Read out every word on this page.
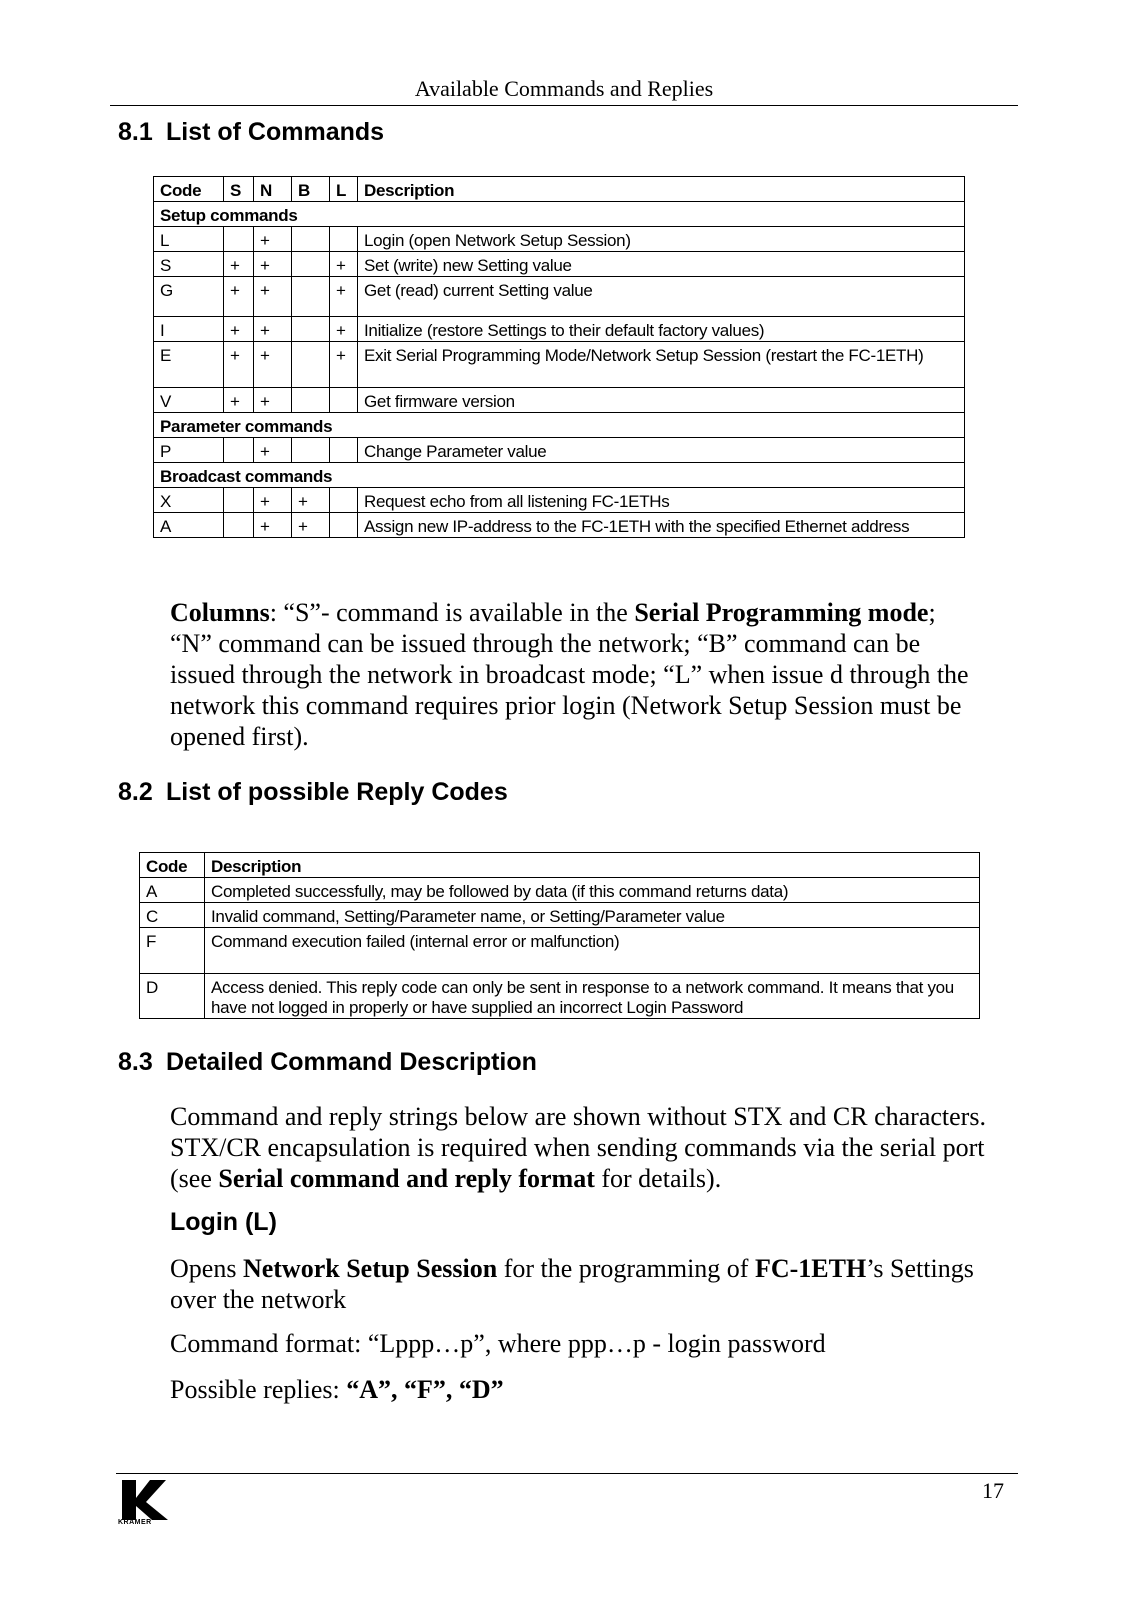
Available Commands and Replies
8.1 List of Commands
Code	S	N	B	L	Description
Setup commands					
L		+			Login (open Network Setup Session)
S	+	+		+	Set (write) new Setting value
G	+	+		+	Get (read) current Setting value
I	+	+		+	Initialize (restore Settings to their default factory values)
E	+	+		+	Exit Serial Programming Mode/Network Setup Session (restart the FC-1ETH)
V	+	+			Get firmware version
Parameter commands					
P		+			Change Parameter value
Broadcast commands					
X		+	+		Request echo from all listening FC-1ETHs
A		+	+		Assign new IP-address to the FC-1ETH with the specified Ethernet address

Columns: “S”- command is available in the Serial Programming mode; “N” command can be issued through the network; “B” command can be issued through the network in broadcast mode; “L” when issue d through the network this command requires prior login (Network Setup Session must be opened first).

8.2 List of possible Reply Codes
Code	Description
A	Completed successfully, may be followed by data (if this command returns data)
C	Invalid command, Setting/Parameter name, or Setting/Parameter value
F	Command execution failed (internal error or malfunction)
D	Access denied. This reply code can only be sent in response to a network command. It means that you have not logged in properly or have supplied an incorrect Login Password
8.3 Detailed Command Description

Command and reply strings below are shown without STX and CR characters. STX/CR encapsulation is required when sending commands via the serial port (see Serial command and reply format for details).

Login (L)

Opens Network Setup Session for the programming of FC-1ETH’s Settings over the network

Command format: “Lppp…p”, where ppp…p - login password

Possible replies: “A”, “F”, “D”

KRAMER
17
